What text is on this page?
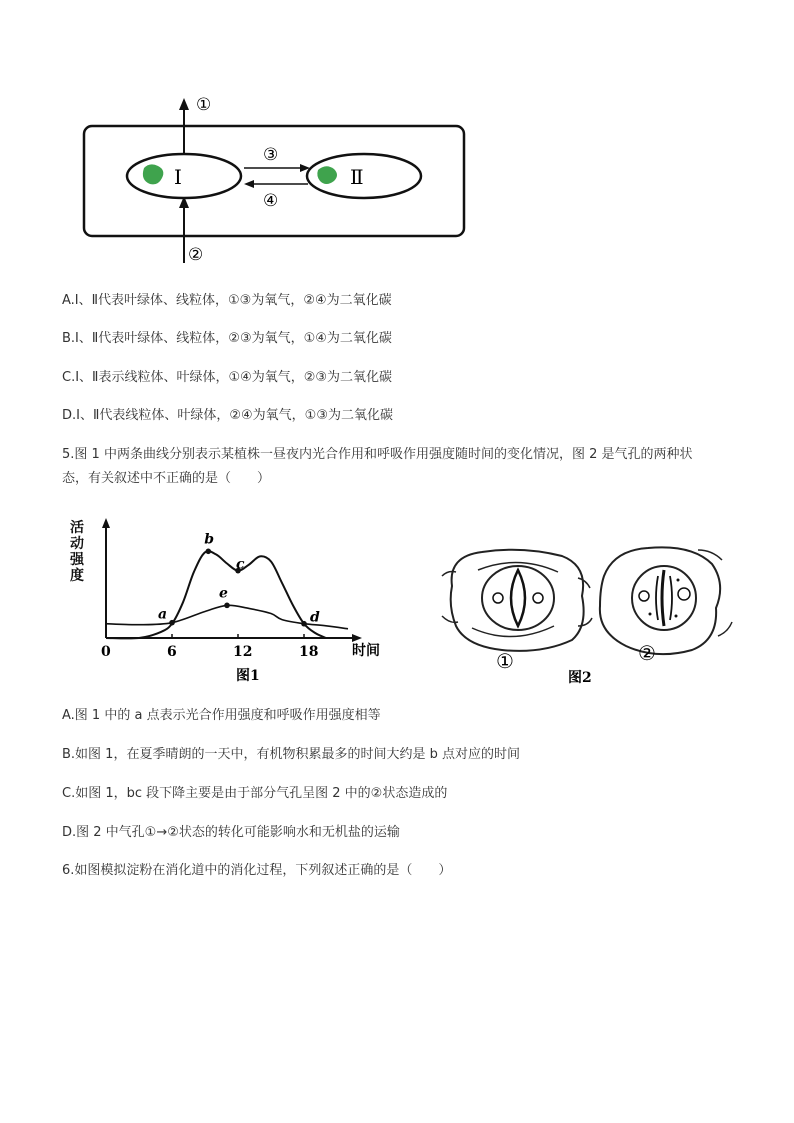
①
②
Ⅰ	Ⅱ
③
④
A.Ⅰ、Ⅱ代表叶绿体、线粒体，①③为氧气，②④为二氧化碳
B.Ⅰ、Ⅱ代表叶绿体、线粒体，②③为氧气，①④为二氧化碳
C.Ⅰ、Ⅱ表示线粒体、叶绿体，①④为氧气，②③为二氧化碳
D.Ⅰ、Ⅱ代表线粒体、叶绿体，②④为氧气，①③为二氧化碳
5.图 1 中两条曲线分别表示某植株一昼夜内光合作用和呼吸作用强度随时间的变化情况，图 2 是气孔的两种状
态，有关叙述中不正确的是（　　）
活
动
强
度
时间
图1
0	6	12	18
a
b
c
d
e
①	②
图2
A.图 1 中的 a 点表示光合作用强度和呼吸作用强度相等
B.如图 1，在夏季晴朗的一天中，有机物积累最多的时间大约是 b 点对应的时间
C.如图 1，bc 段下降主要是由于部分气孔呈图 2 中的②状态造成的
D.图 2 中气孔①→②状态的转化可能影响水和无机盐的运输
6.如图模拟淀粉在消化道中的消化过程，下列叙述正确的是（　　）
